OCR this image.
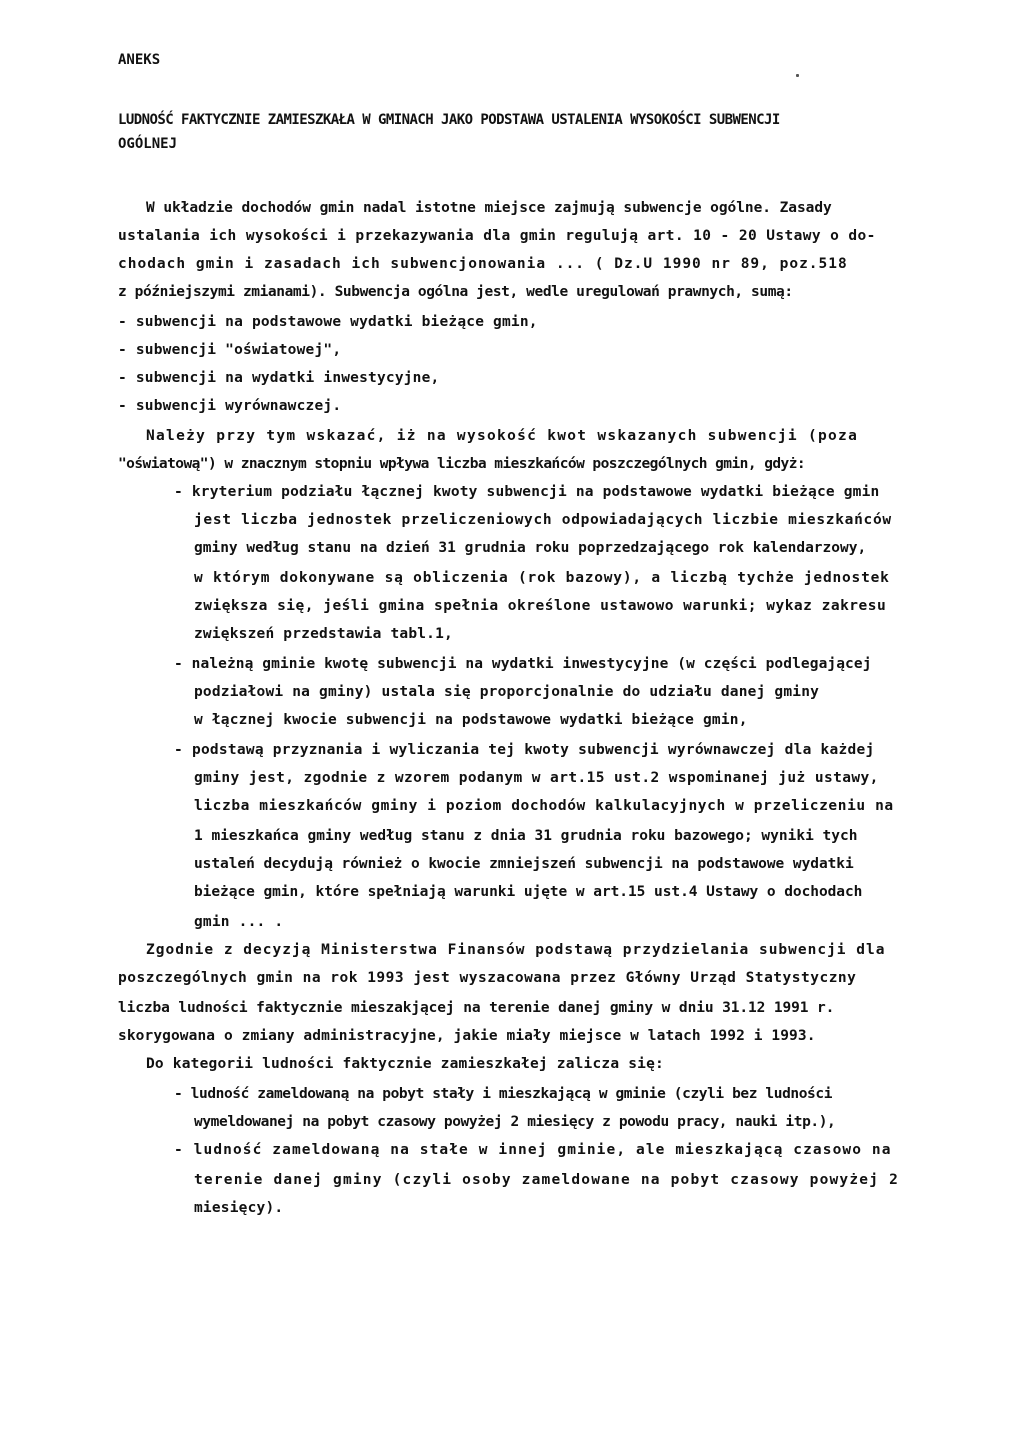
ANEKS
LUDNOŚĆ FAKTYCZNIE ZAMIESZKAŁA W GMINACH JAKO PODSTAWA USTALENIA WYSOKOŚCI SUBWENCJI
OGÓLNEJ
W układzie dochodów gmin nadal istotne miejsce zajmują subwencje ogólne. Zasady
ustalania ich wysokości i przekazywania dla gmin regulują art. 10 - 20 Ustawy o do-
chodach gmin i zasadach ich subwencjonowania ... ( Dz.U 1990 nr 89, poz.518
z późniejszymi zmianami). Subwencja ogólna jest, wedle uregulowań prawnych, sumą:
- subwencji na podstawowe wydatki bieżące gmin,
- subwencji "oświatowej",
- subwencji na wydatki inwestycyjne,
- subwencji wyrównawczej.
Należy przy tym wskazać, iż na wysokość kwot wskazanych subwencji (poza
"oświatową") w znacznym stopniu wpływa liczba mieszkańców poszczególnych gmin, gdyż:
- kryterium podziału łącznej kwoty subwencji na podstawowe wydatki bieżące gmin
jest liczba jednostek przeliczeniowych odpowiadających liczbie mieszkańców
gminy według stanu na dzień 31 grudnia roku poprzedzającego rok kalendarzowy,
w którym dokonywane są obliczenia (rok bazowy), a liczbą tychże jednostek
zwiększa się, jeśli gmina spełnia określone ustawowo warunki; wykaz zakresu
zwiększeń przedstawia tabl.1,
- należną gminie kwotę subwencji na wydatki inwestycyjne (w części podlegającej
podziałowi na gminy) ustala się proporcjonalnie do udziału danej gminy
w łącznej kwocie subwencji na podstawowe wydatki bieżące gmin,
- podstawą przyznania i wyliczania tej kwoty subwencji wyrównawczej dla każdej
gminy jest, zgodnie z wzorem podanym w art.15 ust.2 wspominanej już ustawy,
liczba mieszkańców gminy i poziom dochodów kalkulacyjnych w przeliczeniu na
1 mieszkańca gminy według stanu z dnia 31 grudnia roku bazowego; wyniki tych
ustaleń decydują również o kwocie zmniejszeń subwencji na podstawowe wydatki
bieżące gmin, które spełniają warunki ujęte w art.15 ust.4 Ustawy o dochodach
gmin ... .
Zgodnie z decyzją Ministerstwa Finansów podstawą przydzielania subwencji dla
poszczególnych gmin na rok 1993 jest wyszacowana przez Główny Urząd Statystyczny
liczba ludności faktycznie mieszakjącej na terenie danej gminy w dniu 31.12 1991 r.
skorygowana o zmiany administracyjne, jakie miały miejsce w latach 1992 i 1993.
Do kategorii ludności faktycznie zamieszkałej zalicza się:
- ludność zameldowaną na pobyt stały i mieszkającą w gminie (czyli bez ludności
wymeldowanej na pobyt czasowy powyżej 2 miesięcy z powodu pracy, nauki itp.),
- ludność zameldowaną na stałe w innej gminie, ale mieszkającą czasowo na
terenie danej gminy (czyli osoby zameldowane na pobyt czasowy powyżej 2
miesięcy).
